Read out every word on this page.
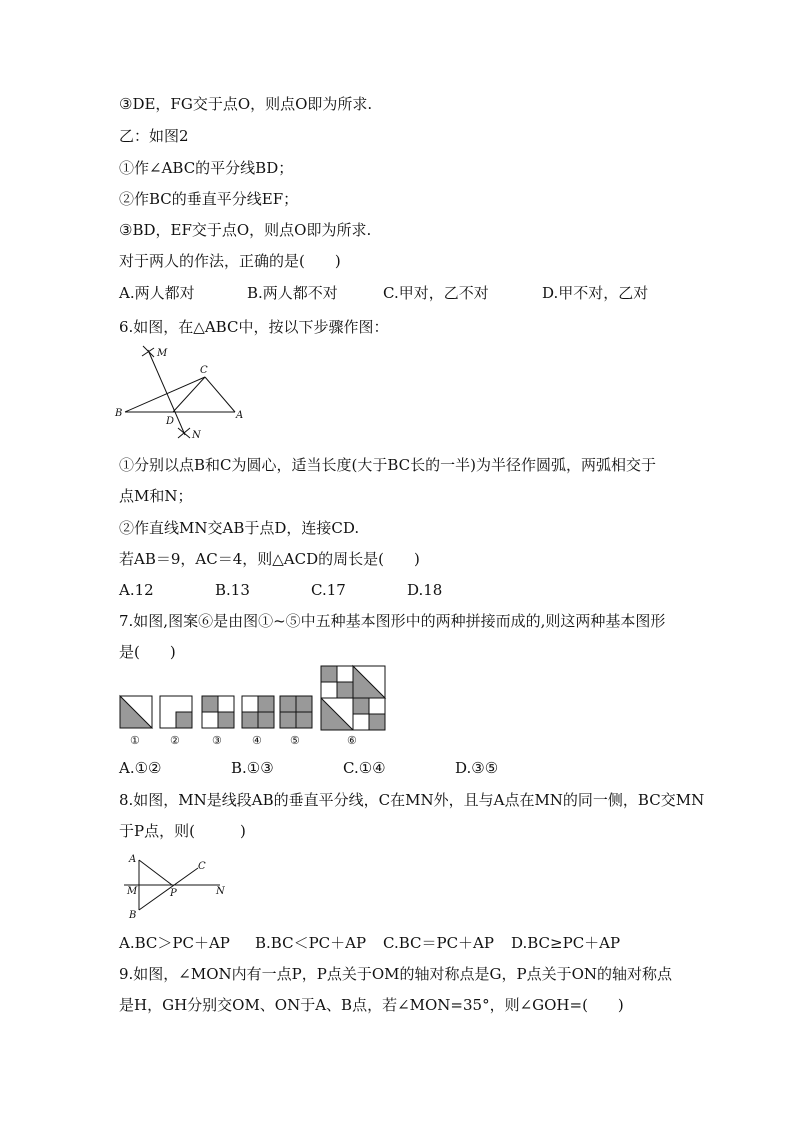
③DE，FG交于点O，则点O即为所求.
乙：如图2
①作∠ABC的平分线BD；
②作BC的垂直平分线EF；
③BD，EF交于点O，则点O即为所求.
对于两人的作法，正确的是(　　)
A.两人都对	B.两人都不对	C.甲对，乙不对	D.甲不对，乙对
6.如图，在△ABC中，按以下步骤作图：
M
C
B
D
A
N
①分别以点B和C为圆心，适当长度(大于BC长的一半)为半径作圆弧，两弧相交于
点M和N；
②作直线MN交AB于点D，连接CD.
若AB＝9，AC＝4，则△ACD的周长是(　　)
A.12	B.13	C.17	D.18
7.如图,图案⑥是由图①~⑤中五种基本图形中的两种拼接而成的,则这两种基本图形
是(　　)
①	②	③	④	⑤	⑥
A.①②	B.①③	C.①④	D.③⑤
8.如图，MN是线段AB的垂直平分线，C在MN外，且与A点在MN的同一侧，BC交MN
于P点，则(　　　)
A
C
M	P	N
B
A.BC＞PC＋AP B.BC＜PC＋AP C.BC＝PC＋AP D.BC≥PC＋AP
9.如图，∠MON内有一点P，P点关于OM的轴对称点是G，P点关于ON的轴对称点
是H，GH分别交OM、ON于A、B点，若∠MON=35°，则∠GOH=(　　)
